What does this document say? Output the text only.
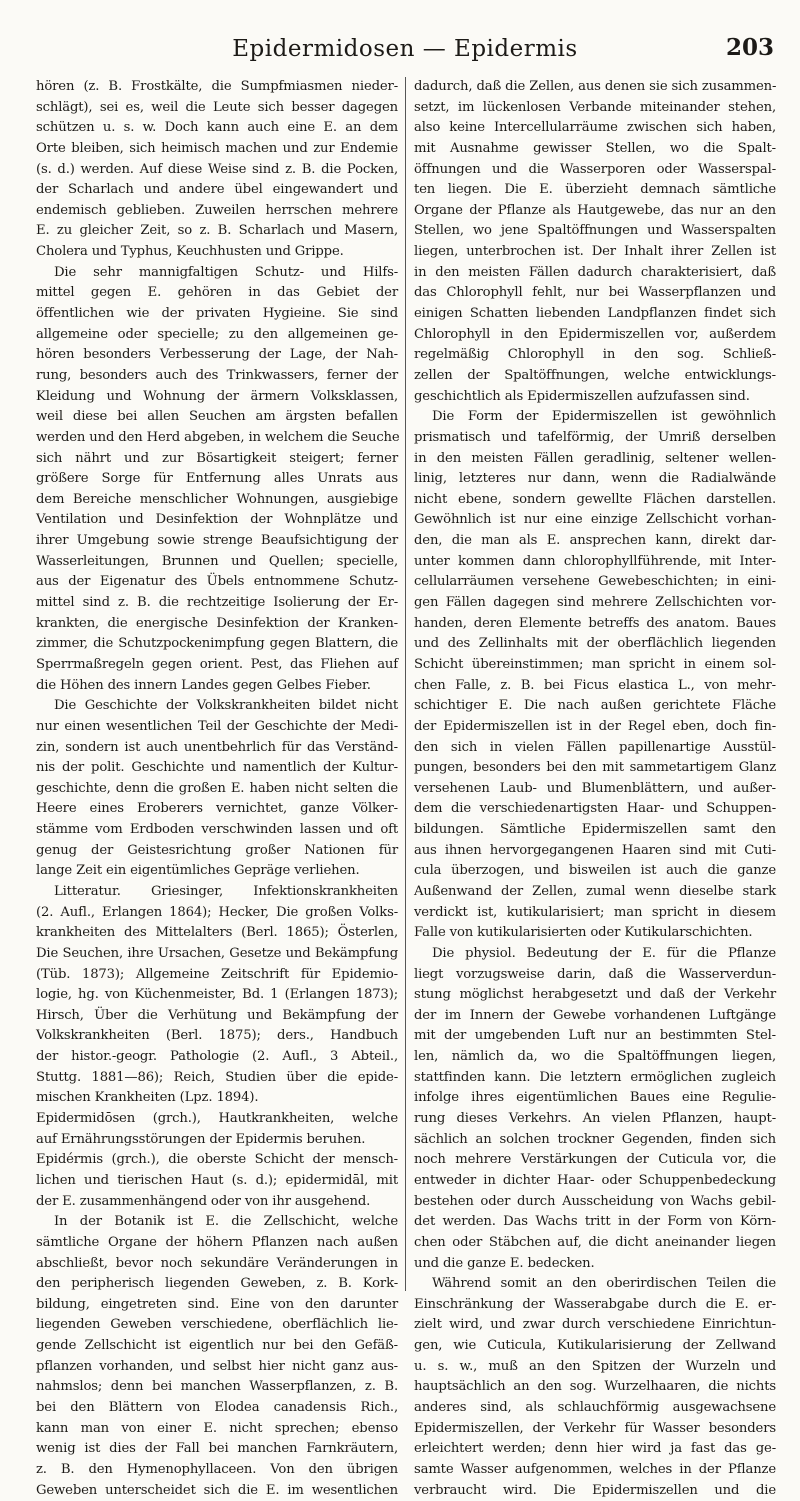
Epidermidosen — Epidermis	203
hören (z. B. Frostkälte, die Sumpfmiasmen nieder-
schlägt), sei es, weil die Leute sich besser dagegen
schützen u. s. w. Doch kann auch eine E. an dem
Orte bleiben, sich heimisch machen und zur Endemie
(s. d.) werden. Auf diese Weise sind z. B. die Pocken,
der Scharlach und andere übel eingewandert und
endemisch geblieben. Zuweilen herrschen mehrere
E. zu gleicher Zeit, so z. B. Scharlach und Masern,
Cholera und Typhus, Keuchhusten und Grippe.
Die sehr mannigfaltigen Schutz- und Hilfs-
mittel gegen E. gehören in das Gebiet der
öffentlichen wie der privaten Hygieine. Sie sind
allgemeine oder specielle; zu den allgemeinen ge-
hören besonders Verbesserung der Lage, der Nah-
rung, besonders auch des Trinkwassers, ferner der
Kleidung und Wohnung der ärmern Volksklassen,
weil diese bei allen Seuchen am ärgsten befallen
werden und den Herd abgeben, in welchem die Seuche
sich nährt und zur Bösartigkeit steigert; ferner
größere Sorge für Entfernung alles Unrats aus
dem Bereiche menschlicher Wohnungen, ausgiebige
Ventilation und Desinfektion der Wohnplätze und
ihrer Umgebung sowie strenge Beaufsichtigung der
Wasserleitungen, Brunnen und Quellen; specielle,
aus der Eigenatur des Übels entnommene Schutz-
mittel sind z. B. die rechtzeitige Isolierung der Er-
krankten, die energische Desinfektion der Kranken-
zimmer, die Schutzpockenimpfung gegen Blattern, die
Sperrmaßregeln gegen orient. Pest, das Fliehen auf
die Höhen des innern Landes gegen Gelbes Fieber.
Die Geschichte der Volkskrankheiten bildet nicht
nur einen wesentlichen Teil der Geschichte der Medi-
zin, sondern ist auch unentbehrlich für das Verständ-
nis der polit. Geschichte und namentlich der Kultur-
geschichte, denn die großen E. haben nicht selten die
Heere eines Eroberers vernichtet, ganze Völker-
stämme vom Erdboden verschwinden lassen und oft
genug der Geistesrichtung großer Nationen für
lange Zeit ein eigentümliches Gepräge verliehen.
Litteratur. Griesinger, Infektionskrankheiten
(2. Aufl., Erlangen 1864); Hecker, Die großen Volks-
krankheiten des Mittelalters (Berl. 1865); Österlen,
Die Seuchen, ihre Ursachen, Gesetze und Bekämpfung
(Tüb. 1873); Allgemeine Zeitschrift für Epidemio-
logie, hg. von Küchenmeister, Bd. 1 (Erlangen 1873);
Hirsch, Über die Verhütung und Bekämpfung der
Volkskrankheiten (Berl. 1875); ders., Handbuch
der histor.-geogr. Pathologie (2. Aufl., 3 Abteil.,
Stuttg. 1881—86); Reich, Studien über die epide-
mischen Krankheiten (Lpz. 1894).
Epidermidōsen (grch.), Hautkrankheiten, welche
auf Ernährungsstörungen der Epidermis beruhen.
Epidérmis (grch.), die oberste Schicht der mensch-
lichen und tierischen Haut (s. d.); epidermidāl, mit
der E. zusammenhängend oder von ihr ausgehend.
In der Botanik ist E. die Zellschicht, welche
sämtliche Organe der höhern Pflanzen nach außen
abschließt, bevor noch sekundäre Veränderungen in
den peripherisch liegenden Geweben, z. B. Kork-
bildung, eingetreten sind. Eine von den darunter
liegenden Geweben verschiedene, oberflächlich lie-
gende Zellschicht ist eigentlich nur bei den Gefäß-
pflanzen vorhanden, und selbst hier nicht ganz aus-
nahmslos; denn bei manchen Wasserpflanzen, z. B.
bei den Blättern von Elodea canadensis Rich.,
kann man von einer E. nicht sprechen; ebenso
wenig ist dies der Fall bei manchen Farnkräutern,
z. B. den Hymenophyllaceen. Von den übrigen
Geweben unterscheidet sich die E. im wesentlichen
dadurch, daß die Zellen, aus denen sie sich zusammen-
setzt, im lückenlosen Verbande miteinander stehen,
also keine Intercellularräume zwischen sich haben,
mit Ausnahme gewisser Stellen, wo die Spalt-
öffnungen und die Wasserporen oder Wasserspal-
ten liegen. Die E. überzieht demnach sämtliche
Organe der Pflanze als Hautgewebe, das nur an den
Stellen, wo jene Spaltöffnungen und Wasserspalten
liegen, unterbrochen ist. Der Inhalt ihrer Zellen ist
in den meisten Fällen dadurch charakterisiert, daß
das Chlorophyll fehlt, nur bei Wasserpflanzen und
einigen Schatten liebenden Landpflanzen findet sich
Chlorophyll in den Epidermiszellen vor, außerdem
regelmäßig Chlorophyll in den sog. Schließ-
zellen der Spaltöffnungen, welche entwicklungs-
geschichtlich als Epidermiszellen aufzufassen sind.
Die Form der Epidermiszellen ist gewöhnlich
prismatisch und tafelförmig, der Umriß derselben
in den meisten Fällen geradlinig, seltener wellen-
linig, letzteres nur dann, wenn die Radialwände
nicht ebene, sondern gewellte Flächen darstellen.
Gewöhnlich ist nur eine einzige Zellschicht vorhan-
den, die man als E. ansprechen kann, direkt dar-
unter kommen dann chlorophyllführende, mit Inter-
cellularräumen versehene Gewebeschichten; in eini-
gen Fällen dagegen sind mehrere Zellschichten vor-
handen, deren Elemente betreffs des anatom. Baues
und des Zellinhalts mit der oberflächlich liegenden
Schicht übereinstimmen; man spricht in einem sol-
chen Falle, z. B. bei Ficus elastica L., von mehr-
schichtiger E. Die nach außen gerichtete Fläche
der Epidermiszellen ist in der Regel eben, doch fin-
den sich in vielen Fällen papillenartige Ausstül-
pungen, besonders bei den mit sammetartigem Glanz
versehenen Laub- und Blumenblättern, und außer-
dem die verschiedenartigsten Haar- und Schuppen-
bildungen. Sämtliche Epidermiszellen samt den
aus ihnen hervorgegangenen Haaren sind mit Cuti-
cula überzogen, und bisweilen ist auch die ganze
Außenwand der Zellen, zumal wenn dieselbe stark
verdickt ist, kutikularisiert; man spricht in diesem
Falle von kutikularisierten oder Kutikularschichten.
Die physiol. Bedeutung der E. für die Pflanze
liegt vorzugsweise darin, daß die Wasserverdun-
stung möglichst herabgesetzt und daß der Verkehr
der im Innern der Gewebe vorhandenen Luftgänge
mit der umgebenden Luft nur an bestimmten Stel-
len, nämlich da, wo die Spaltöffnungen liegen,
stattfinden kann. Die letztern ermöglichen zugleich
infolge ihres eigentümlichen Baues eine Regulie-
rung dieses Verkehrs. An vielen Pflanzen, haupt-
sächlich an solchen trockner Gegenden, finden sich
noch mehrere Verstärkungen der Cuticula vor, die
entweder in dichter Haar- oder Schuppenbedeckung
bestehen oder durch Ausscheidung von Wachs gebil-
det werden. Das Wachs tritt in der Form von Körn-
chen oder Stäbchen auf, die dicht aneinander liegen
und die ganze E. bedecken.
Während somit an den oberirdischen Teilen die
Einschränkung der Wasserabgabe durch die E. er-
zielt wird, und zwar durch verschiedene Einrichtun-
gen, wie Cuticula, Kutikularisierung der Zellwand
u. s. w., muß an den Spitzen der Wurzeln und
hauptsächlich an den sog. Wurzelhaaren, die nichts
anderes sind, als schlauchförmig ausgewachsene
Epidermiszellen, der Verkehr für Wasser besonders
erleichtert werden; denn hier wird ja fast das ge-
samte Wasser aufgenommen, welches in der Pflanze
verbraucht wird. Die Epidermiszellen und die
